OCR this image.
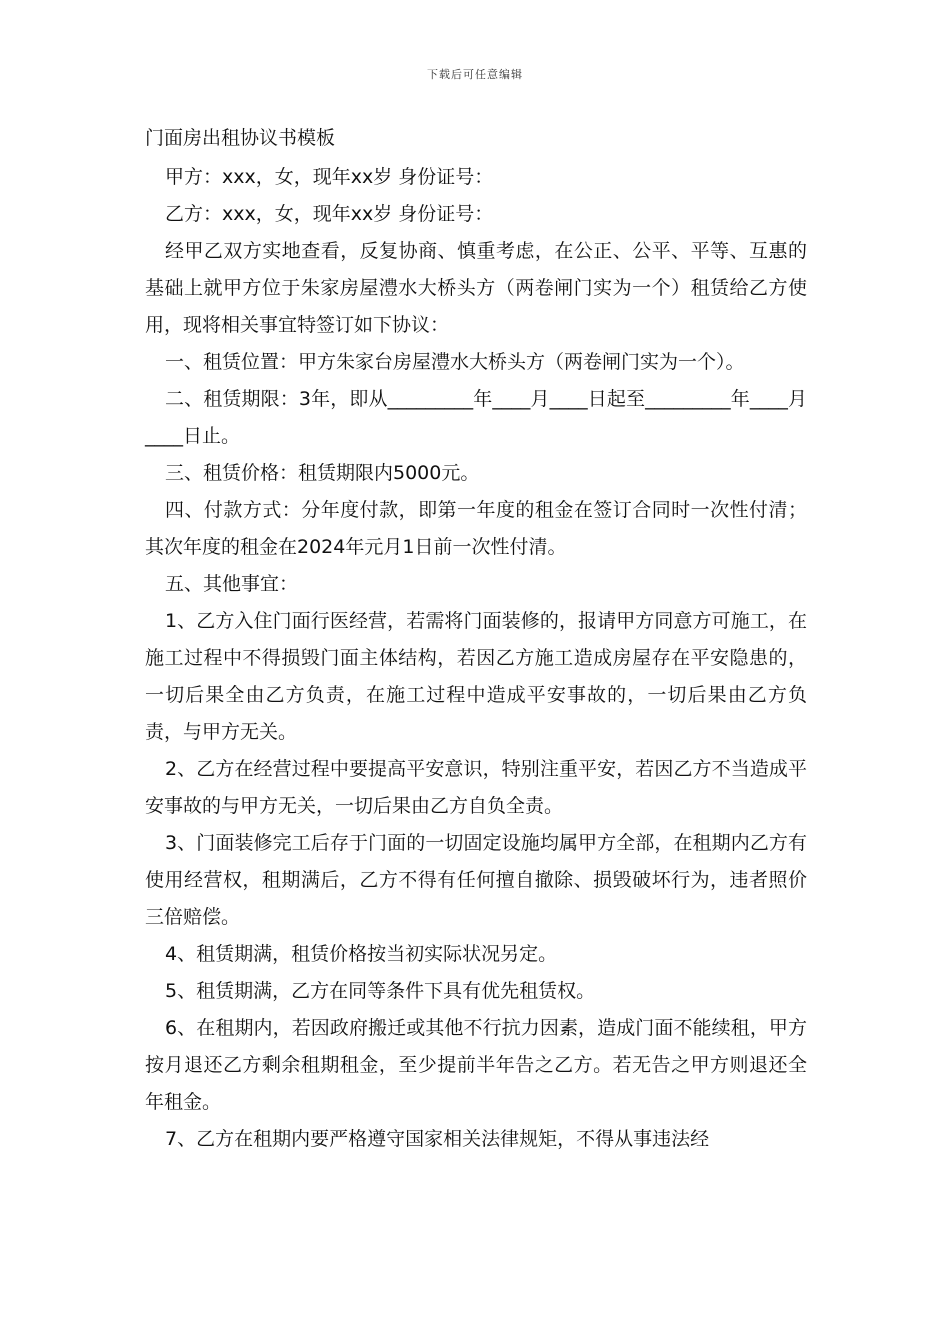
下载后可任意编辑

门面房出租协议书模板

甲方：xxx，女，现年xx岁 身份证号：

乙方：xxx，女，现年xx岁 身份证号：

经甲乙双方实地查看，反复协商、慎重考虑，在公正、公平、平等、互惠的基础上就甲方位于朱家房屋澧水大桥头方（两卷闸门实为一个）租赁给乙方使用，现将相关事宜特签订如下协议：

一、租赁位置：甲方朱家台房屋澧水大桥头方（两卷闸门实为一个）。

二、租赁期限：3年，即从_________年____月____日起至_________年____月____日止。

三、租赁价格：租赁期限内5000元。

四、付款方式：分年度付款，即第一年度的租金在签订合同时一次性付清；其次年度的租金在2024年元月1日前一次性付清。

五、其他事宜：

1、乙方入住门面行医经营，若需将门面装修的，报请甲方同意方可施工，在施工过程中不得损毁门面主体结构，若因乙方施工造成房屋存在平安隐患的，一切后果全由乙方负责，在施工过程中造成平安事故的，一切后果由乙方负责，与甲方无关。

2、乙方在经营过程中要提高平安意识，特别注重平安，若因乙方不当造成平安事故的与甲方无关，一切后果由乙方自负全责。

3、门面装修完工后存于门面的一切固定设施均属甲方全部，在租期内乙方有使用经营权，租期满后，乙方不得有任何擅自撤除、损毁破坏行为，违者照价三倍赔偿。

4、租赁期满，租赁价格按当初实际状况另定。

5、租赁期满，乙方在同等条件下具有优先租赁权。

6、在租期内，若因政府搬迁或其他不行抗力因素，造成门面不能续租，甲方按月退还乙方剩余租期租金，至少提前半年告之乙方。若无告之甲方则退还全年租金。

7、乙方在租期内要严格遵守国家相关法律规矩，不得从事违法经
